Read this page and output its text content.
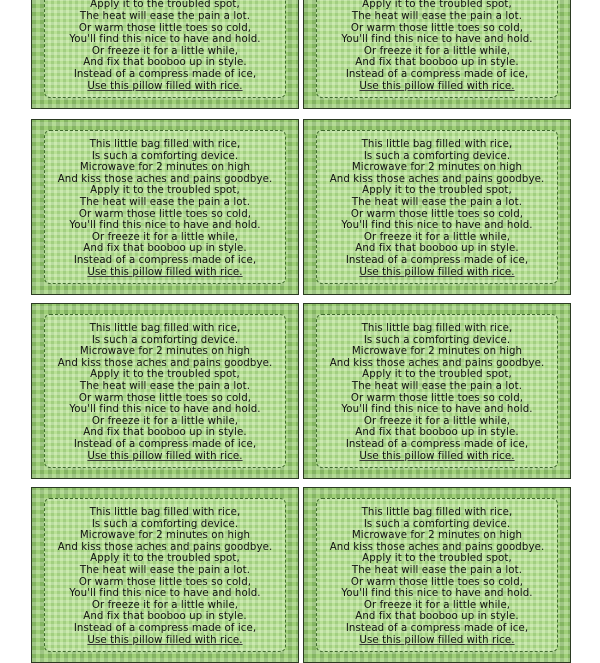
Apply it to the troubled spot,
The heat will ease the pain a lot.
Or warm those little toes so cold,
You'll find this nice to have and hold.
Or freeze it for a little while,
And fix that booboo up in style.
Instead of a compress made of ice,
Use this pillow filled with rice.
Apply it to the troubled spot,
The heat will ease the pain a lot.
Or warm those little toes so cold,
You'll find this nice to have and hold.
Or freeze it for a little while,
And fix that booboo up in style.
Instead of a compress made of ice,
Use this pillow filled with rice.
This little bag filled with rice,
Is such a comforting device.
Microwave for 2 minutes on high
And kiss those aches and pains goodbye.
Apply it to the troubled spot,
The heat will ease the pain a lot.
Or warm those little toes so cold,
You'll find this nice to have and hold.
Or freeze it for a little while,
And fix that booboo up in style.
Instead of a compress made of ice,
Use this pillow filled with rice.
This little bag filled with rice,
Is such a comforting device.
Microwave for 2 minutes on high
And kiss those aches and pains goodbye.
Apply it to the troubled spot,
The heat will ease the pain a lot.
Or warm those little toes so cold,
You'll find this nice to have and hold.
Or freeze it for a little while,
And fix that booboo up in style.
Instead of a compress made of ice,
Use this pillow filled with rice.
This little bag filled with rice,
Is such a comforting device.
Microwave for 2 minutes on high
And kiss those aches and pains goodbye.
Apply it to the troubled spot,
The heat will ease the pain a lot.
Or warm those little toes so cold,
You'll find this nice to have and hold.
Or freeze it for a little while,
And fix that booboo up in style.
Instead of a compress made of ice,
Use this pillow filled with rice.
This little bag filled with rice,
Is such a comforting device.
Microwave for 2 minutes on high
And kiss those aches and pains goodbye.
Apply it to the troubled spot,
The heat will ease the pain a lot.
Or warm those little toes so cold,
You'll find this nice to have and hold.
Or freeze it for a little while,
And fix that booboo up in style.
Instead of a compress made of ice,
Use this pillow filled with rice.
This little bag filled with rice,
Is such a comforting device.
Microwave for 2 minutes on high
And kiss those aches and pains goodbye.
Apply it to the troubled spot,
The heat will ease the pain a lot.
Or warm those little toes so cold,
You'll find this nice to have and hold.
Or freeze it for a little while,
And fix that booboo up in style.
Instead of a compress made of ice,
Use this pillow filled with rice.
This little bag filled with rice,
Is such a comforting device.
Microwave for 2 minutes on high
And kiss those aches and pains goodbye.
Apply it to the troubled spot,
The heat will ease the pain a lot.
Or warm those little toes so cold,
You'll find this nice to have and hold.
Or freeze it for a little while,
And fix that booboo up in style.
Instead of a compress made of ice,
Use this pillow filled with rice.
